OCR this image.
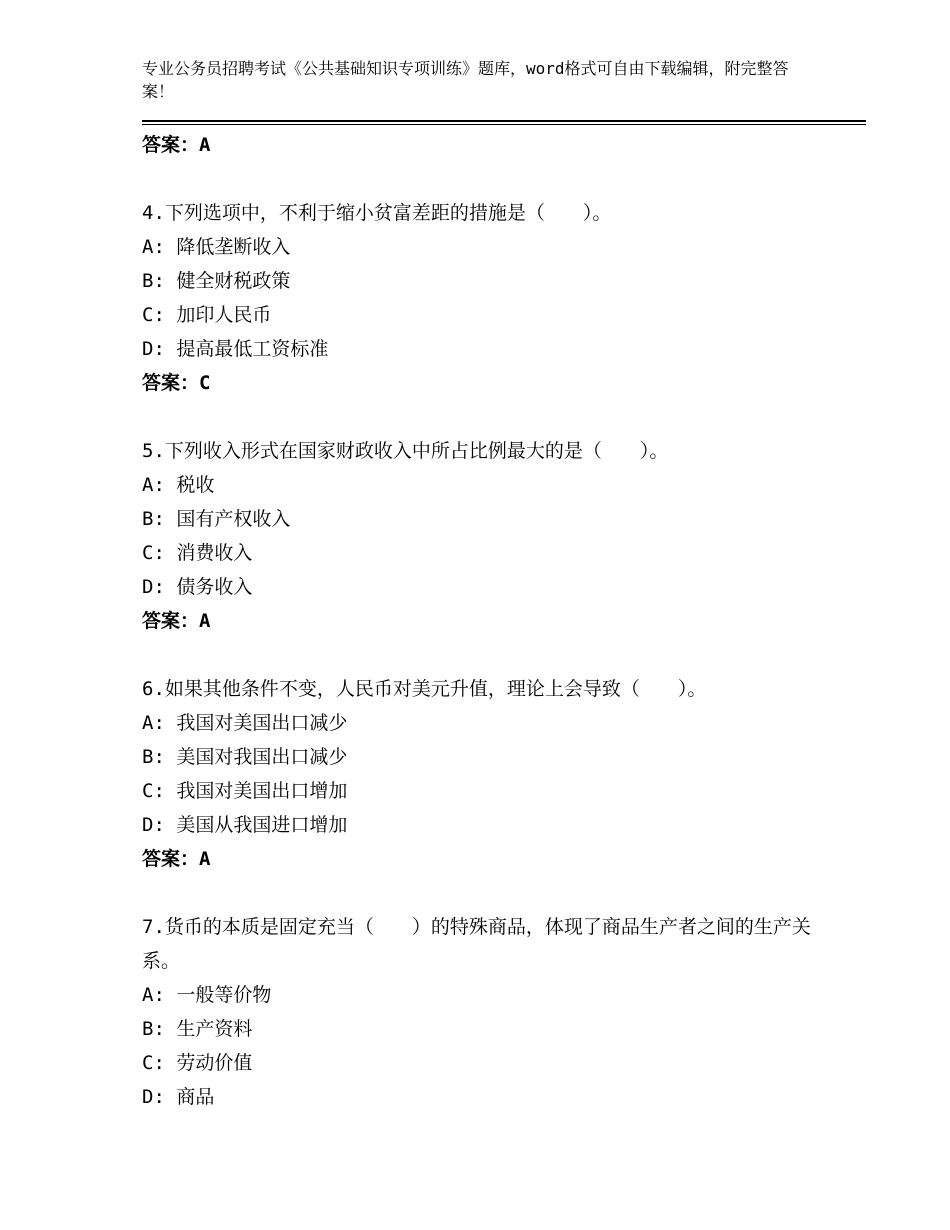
专业公务员招聘考试《公共基础知识专项训练》题库，word格式可自由下载编辑，附完整答案！
答案：A
4.下列选项中，不利于缩小贫富差距的措施是（　　）。
A: 降低垄断收入
B: 健全财税政策
C: 加印人民币
D: 提高最低工资标准
答案：C
5.下列收入形式在国家财政收入中所占比例最大的是（　　）。
A: 税收
B: 国有产权收入
C: 消费收入
D: 债务收入
答案：A
6.如果其他条件不变，人民币对美元升值，理论上会导致（　　）。
A: 我国对美国出口减少
B: 美国对我国出口减少
C: 我国对美国出口增加
D: 美国从我国进口增加
答案：A
7.货币的本质是固定充当（　　）的特殊商品，体现了商品生产者之间的生产关系。
A: 一般等价物
B: 生产资料
C: 劳动价值
D: 商品
